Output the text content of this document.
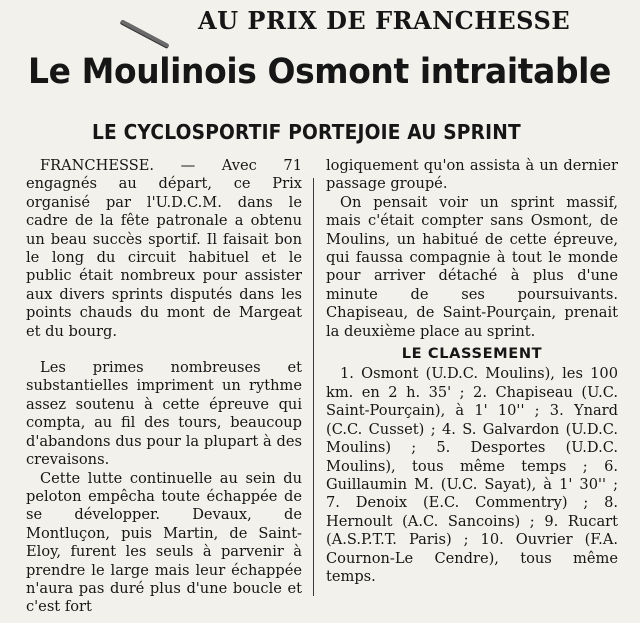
AU PRIX DE FRANCHESSE
Le Moulinois Osmont intraitable
LE CYCLOSPORTIF PORTEJOIE AU SPRINT

FRANCHESSE. — Avec 71 engagnés au départ, ce Prix organisé par l'U.D.C.M. dans le cadre de la fête patronale a obtenu un beau succès sportif. Il faisait bon le long du circuit habituel et le public était nombreux pour assister aux divers sprints disputés dans les points chauds du mont de Margeat et du bourg.

Les primes nombreuses et substantielles impriment un rythme assez soutenu à cette épreuve qui compta, au fil des tours, beaucoup d'abandons dus pour la plupart à des crevaisons.

Cette lutte continuelle au sein du peloton empêcha toute échappée de se développer. Devaux, de Montluçon, puis Martin, de Saint-Eloy, furent les seuls à parvenir à prendre le large mais leur échappée n'aura pas duré plus d'une boucle et c'est fort

logiquement qu'on assista à un dernier passage groupé.

On pensait voir un sprint massif, mais c'était compter sans Osmont, de Moulins, un habitué de cette épreuve, qui faussa compagnie à tout le monde pour arriver détaché à plus d'une minute de ses poursuivants. Chapiseau, de Saint-Pourçain, prenait la deuxième place au sprint.

LE CLASSEMENT

1. Osmont (U.D.C. Moulins), les 100 km. en 2 h. 35' ; 2. Chapiseau (U.C. Saint-Pourçain), à 1' 10'' ; 3. Ynard (C.C. Cusset) ; 4. S. Galvardon (U.D.C. Moulins) ; 5. Desportes (U.D.C. Moulins), tous même temps ; 6. Guillaumin M. (U.C. Sayat), à 1' 30'' ; 7. Denoix (E.C. Commentry) ; 8. Hernoult (A.C. Sancoins) ; 9. Rucart (A.S.P.T.T. Paris) ; 10. Ouvrier (F.A. Cournon-Le Cendre), tous même temps.
